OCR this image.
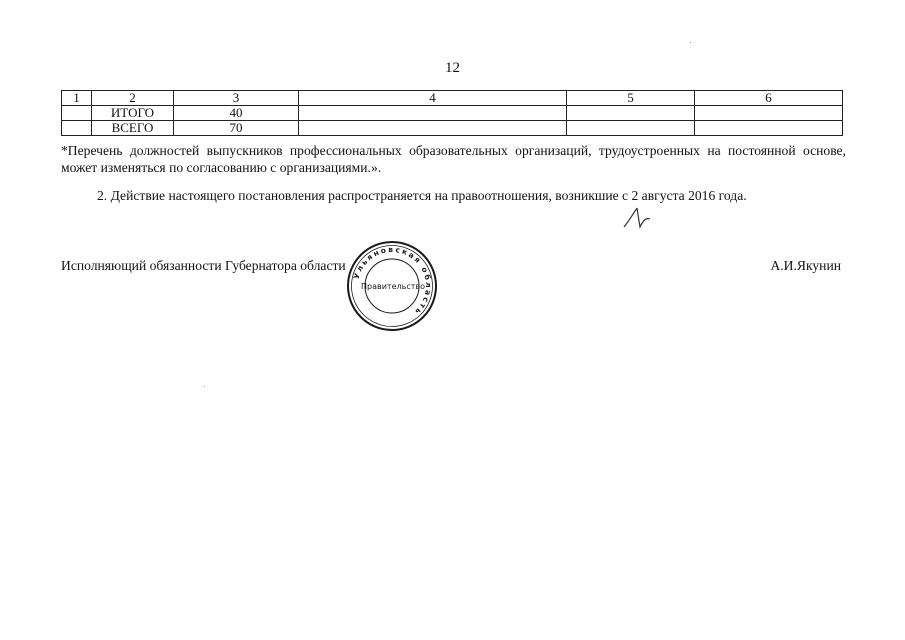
12
1	2	3	4	5	6
	ИТОГО	40			
	ВСЕГО	70			
*Перечень должностей выпускников профессиональных образовательных организаций, трудоустроенных на постоянной основе, может изменяться по согласованию с организациями.».
2. Действие настоящего постановления распространяется на правоотношения, возникшие с 2 августа 2016 года.
Исполняющий обязанности Губернатора области	А.И.Якунин
Ульяновская область
Правительство
